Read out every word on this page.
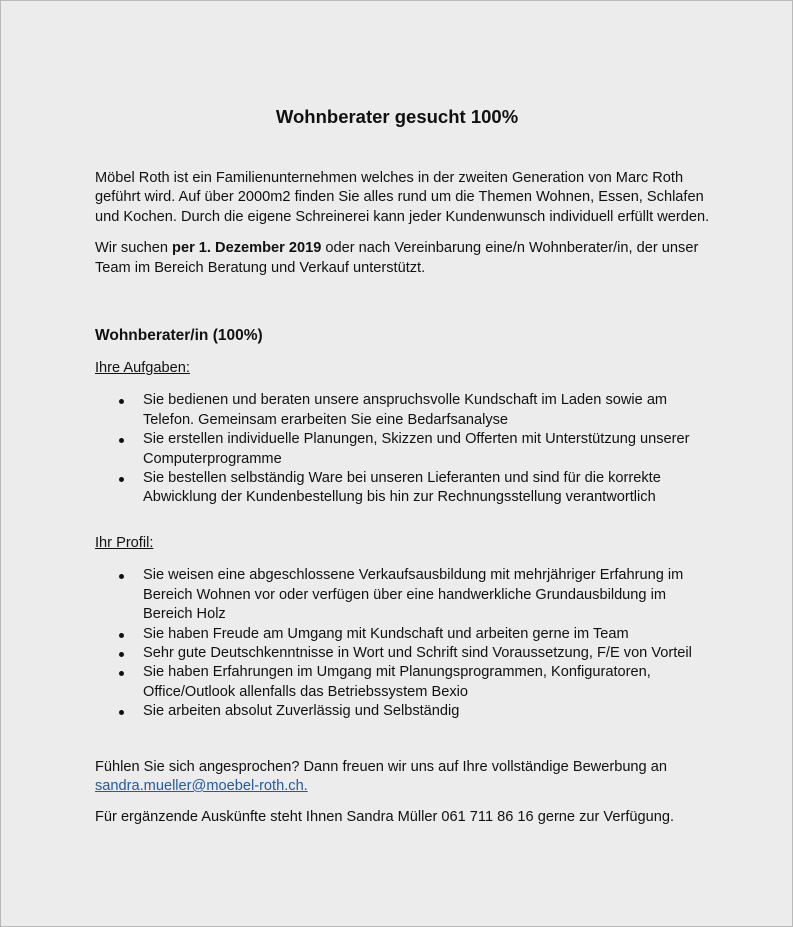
Wohnberater gesucht 100%

Möbel Roth ist ein Familienunternehmen welches in der zweiten Generation von Marc Roth geführt wird. Auf über 2000m2 finden Sie alles rund um die Themen Wohnen, Essen, Schlafen und Kochen. Durch die eigene Schreinerei kann jeder Kundenwunsch individuell erfüllt werden.

Wir suchen per 1. Dezember 2019 oder nach Vereinbarung eine/n Wohnberater/in, der unser Team im Bereich Beratung und Verkauf unterstützt.

Wohnberater/in (100%)

Ihre Aufgaben:

Sie bedienen und beraten unsere anspruchsvolle Kundschaft im Laden sowie am Telefon. Gemeinsam erarbeiten Sie eine Bedarfsanalyse
Sie erstellen individuelle Planungen, Skizzen und Offerten mit Unterstützung unserer Computerprogramme
Sie bestellen selbständig Ware bei unseren Lieferanten und sind für die korrekte Abwicklung der Kundenbestellung bis hin zur Rechnungsstellung verantwortlich

Ihr Profil:

Sie weisen eine abgeschlossene Verkaufsausbildung mit mehrjähriger Erfahrung im Bereich Wohnen vor oder verfügen über eine handwerkliche Grundausbildung im Bereich Holz
Sie haben Freude am Umgang mit Kundschaft und arbeiten gerne im Team
Sehr gute Deutschkenntnisse in Wort und Schrift sind Voraussetzung, F/E von Vorteil
Sie haben Erfahrungen im Umgang mit Planungsprogrammen, Konfiguratoren, Office/Outlook allenfalls das Betriebssystem Bexio
Sie arbeiten absolut Zuverlässig und Selbständig

Fühlen Sie sich angesprochen? Dann freuen wir uns auf Ihre vollständige Bewerbung an
sandra.mueller@moebel-roth.ch.

Für ergänzende Auskünfte steht Ihnen Sandra Müller 061 711 86 16 gerne zur Verfügung.
